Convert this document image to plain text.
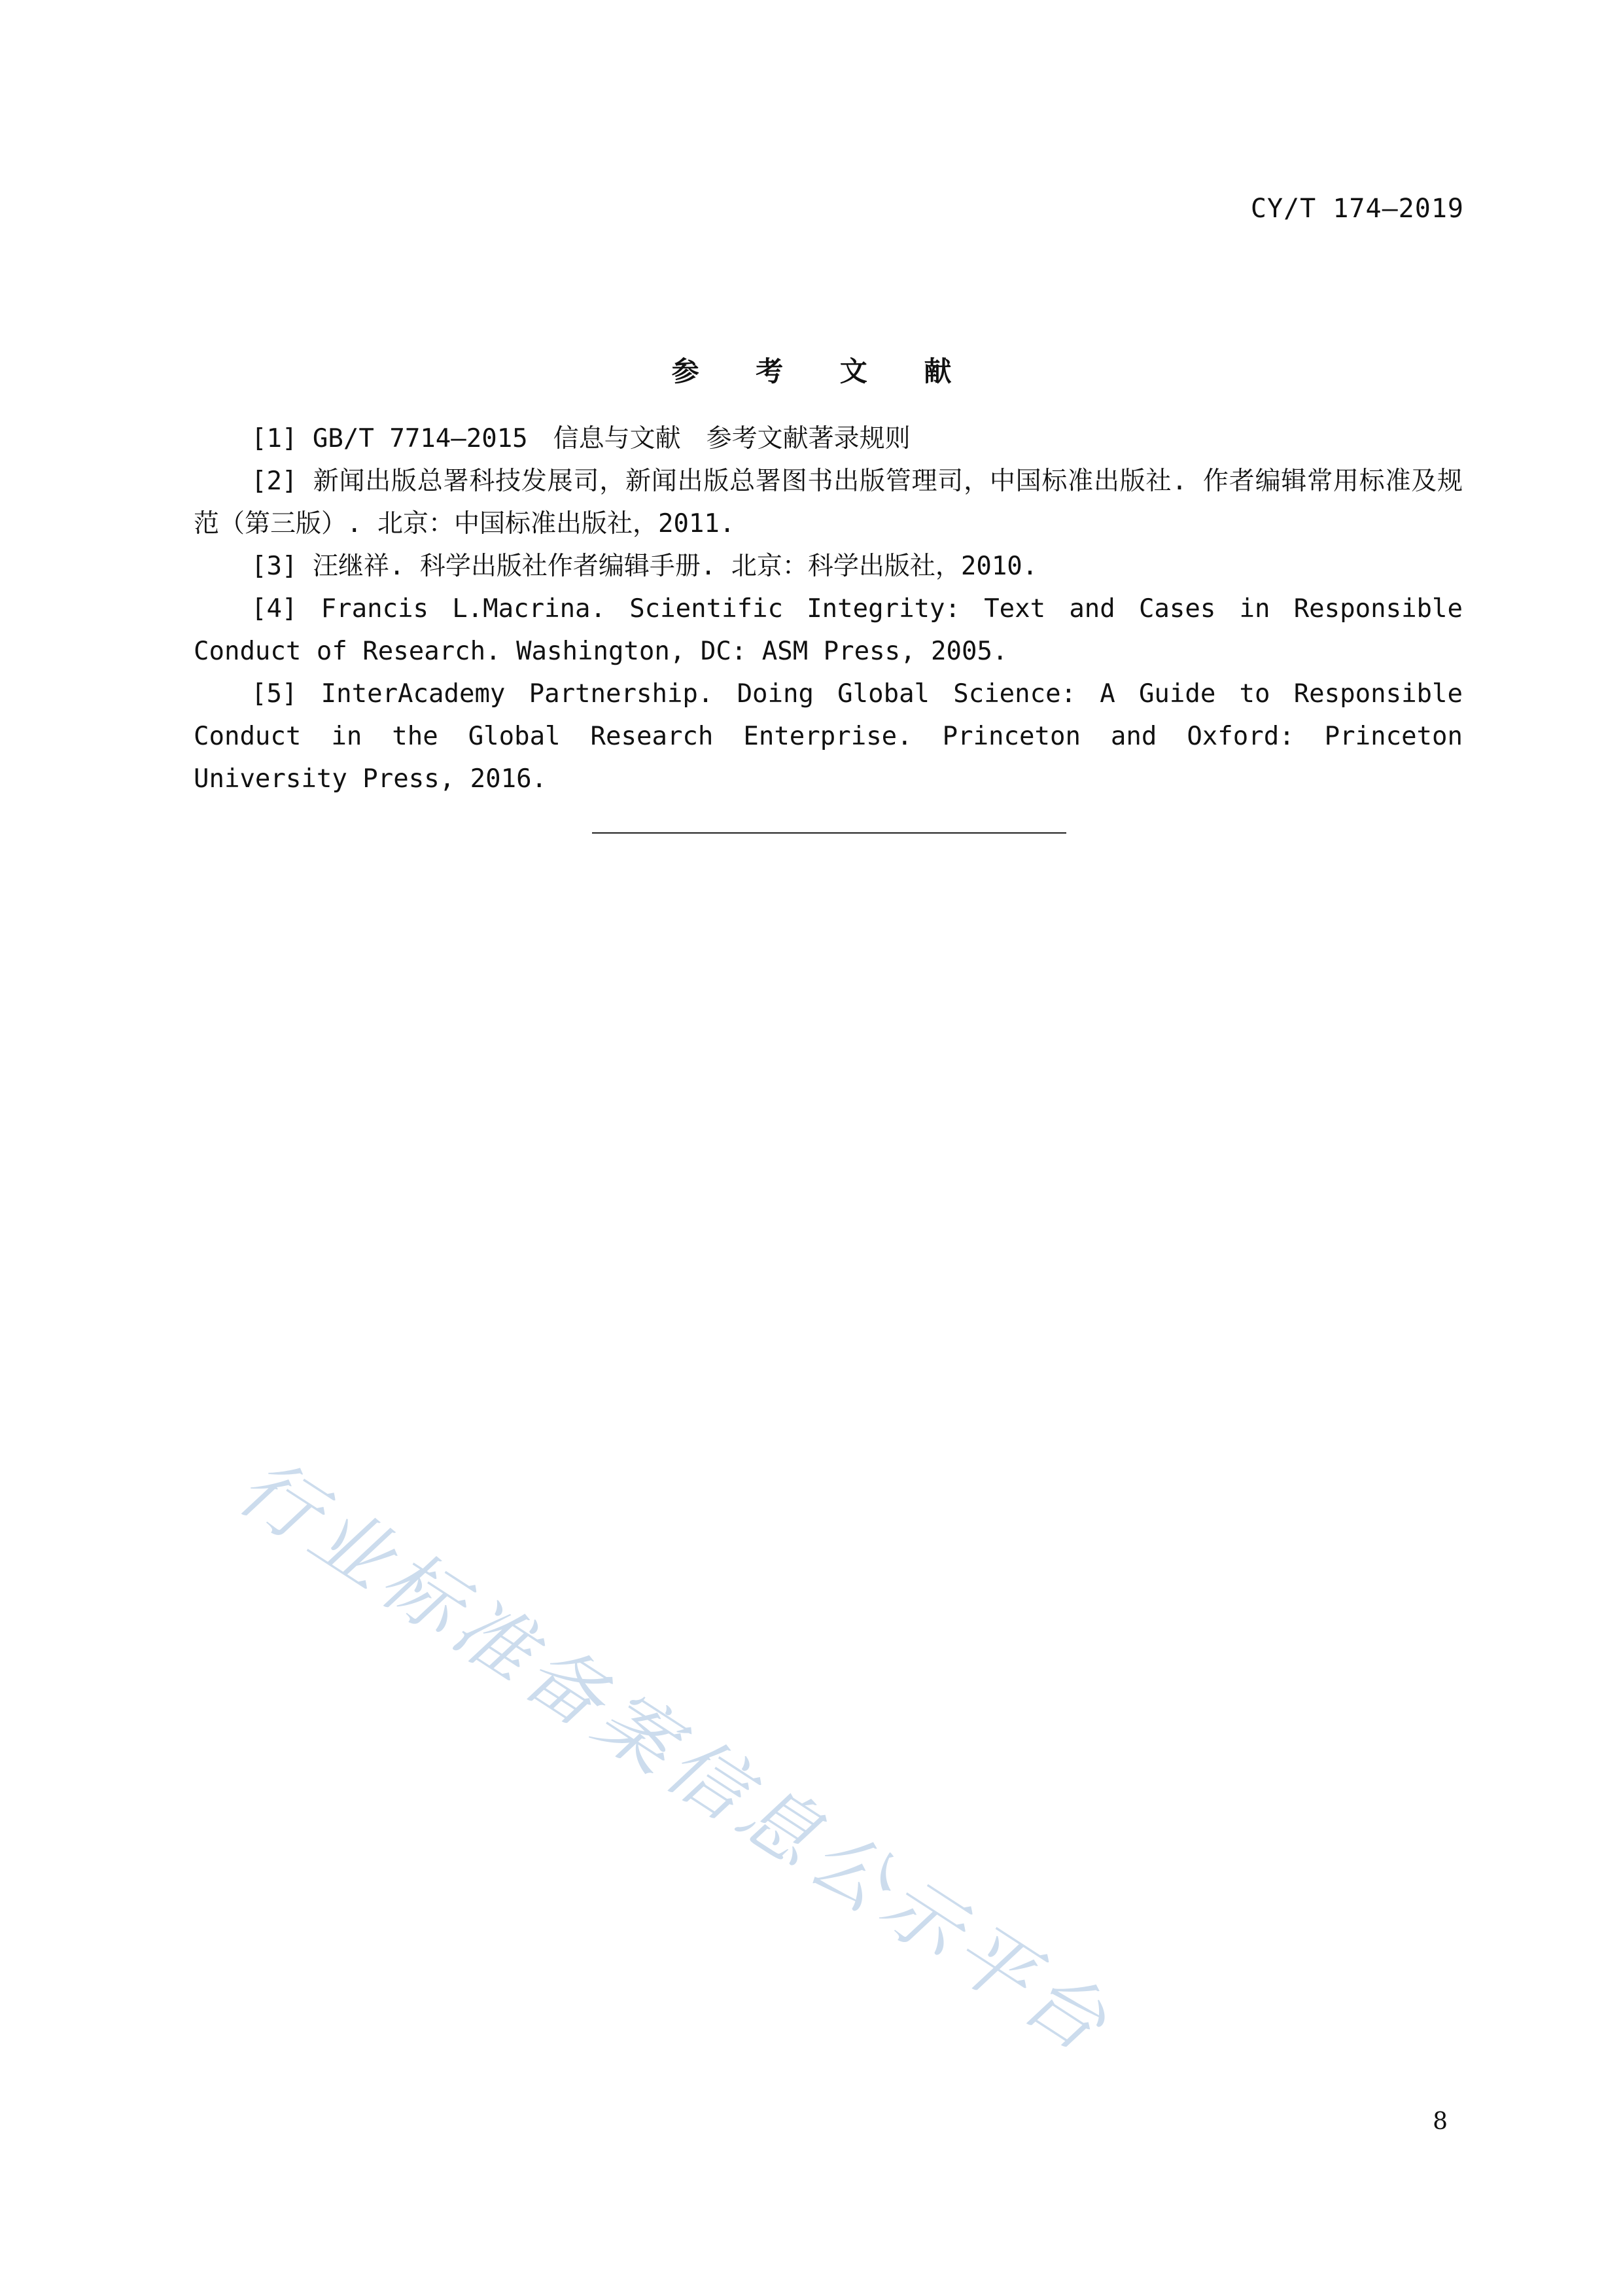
CY/T 174—2019
参 考 文 献

[1] GB/T 7714—2015　信息与文献　参考文献著录规则

[2] 新闻出版总署科技发展司，新闻出版总署图书出版管理司，中国标准出版社. 作者编辑常用标准及规范（第三版）. 北京：中国标准出版社，2011.

[3] 汪继祥. 科学出版社作者编辑手册. 北京：科学出版社，2010.

[4] Francis L.Macrina. Scientific Integrity: Text and Cases in Responsible Conduct of Research. Washington, DC: ASM Press, 2005.

[5] InterAcademy Partnership. Doing Global Science: A Guide to Responsible Conduct in the Global Research Enterprise. Princeton and Oxford: Princeton University Press, 2016.

行业标准备案信息公示平台
8
